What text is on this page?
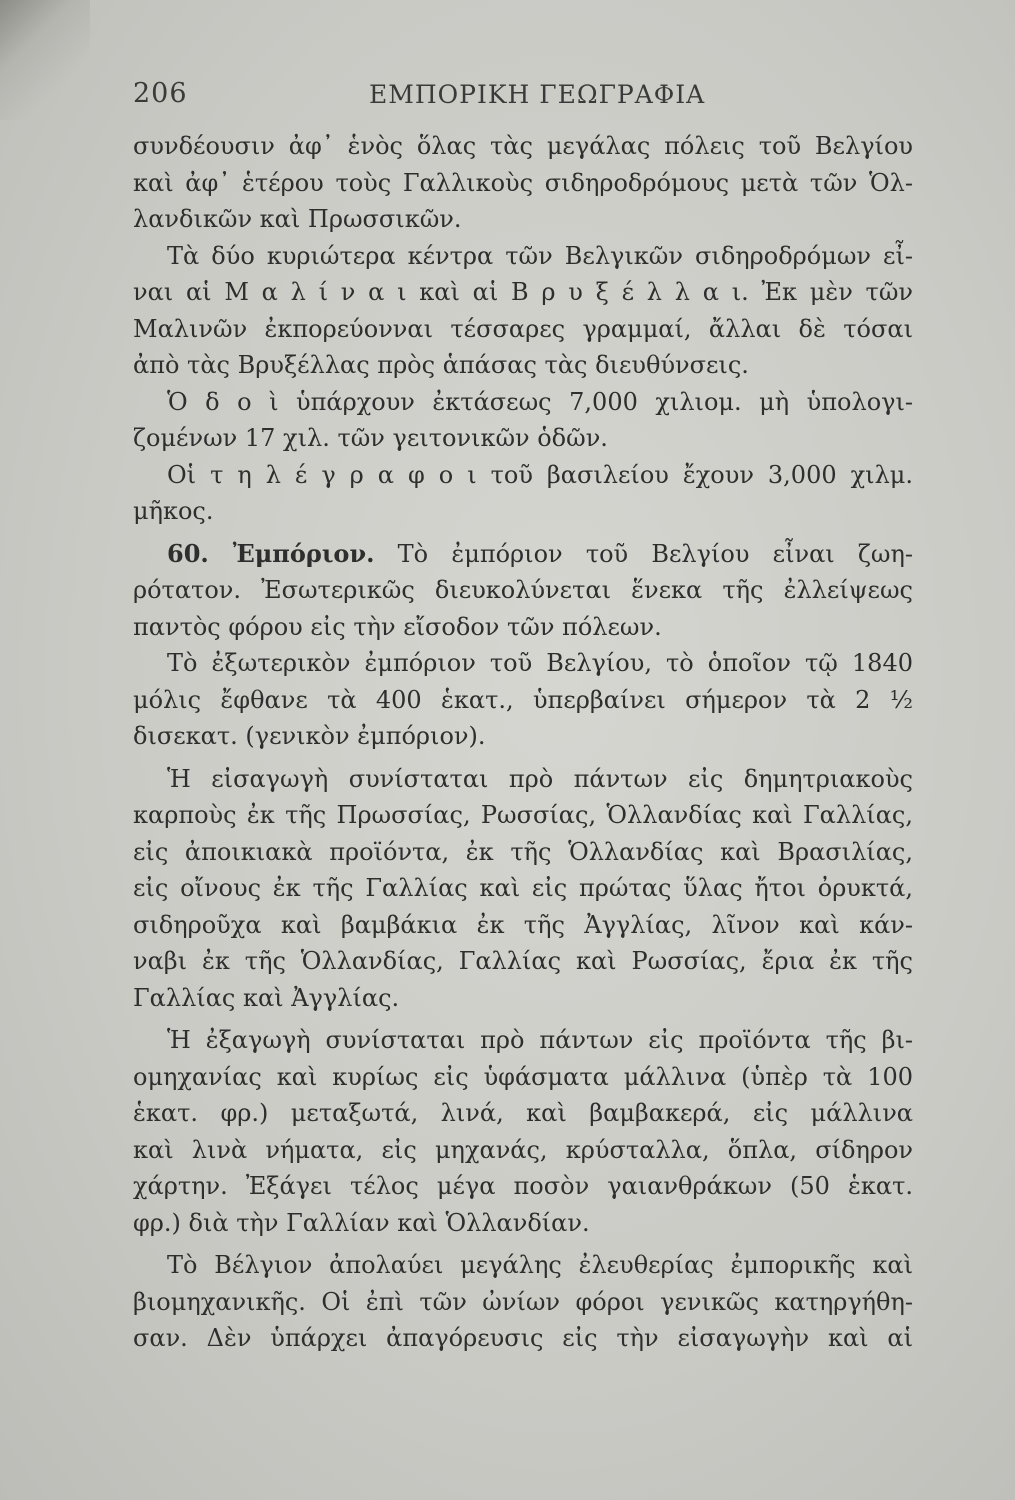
206	ΕΜΠΟΡΙΚΗ ΓΕΩΓΡΑΦΙΑ

συνδέουσιν ἀφ᾽ ἑνὸς ὅλας τὰς μεγάλας πόλεις τοῦ Βελγίου

καὶ ἀφ᾽ ἑτέρου τοὺς Γαλλικοὺς σιδηροδρόμους μετὰ τῶν Ὁλ-

λανδικῶν καὶ Πρωσσικῶν.

Τὰ δύο κυριώτερα κέντρα τῶν Βελγικῶν σιδηροδρόμων εἶ-

ναι αἱ Μ α λ ί ν α ι καὶ αἱ Β ρ υ ξ έ λ λ α ι. Ἐκ μὲν τῶν

Μαλινῶν ἐκπορεύονναι τέσσαρες γραμμαί, ἄλλαι δὲ τόσαι

ἀπὸ τὰς Βρυξέλλας πρὸς ἁπάσας τὰς διευθύνσεις.

Ὁ δ ο ὶ ὑπάρχουν ἐκτάσεως 7,000 χιλιομ. μὴ ὑπολογι-

ζομένων 17 χιλ. τῶν γειτονικῶν ὁδῶν.

Οἱ τ η λ έ γ ρ α φ ο ι τοῦ βασιλείου ἔχουν 3,000 χιλμ.

μῆκος.

60. Ἐμπόριον. Τὸ ἐμπόριον τοῦ Βελγίου εἶναι ζωη-

ρότατον. Ἐσωτερικῶς διευκολύνεται ἕνεκα τῆς ἐλλείψεως

παντὸς φόρου εἰς τὴν εἴσοδον τῶν πόλεων.

Τὸ ἐξωτερικὸν ἐμπόριον τοῦ Βελγίου, τὸ ὁποῖον τῷ 1840

μόλις ἔφθανε τὰ 400 ἑκατ., ὑπερβαίνει σήμερον τὰ 2 ½

δισεκατ. (γενικὸν ἐμπόριον).

Ἡ εἰσαγωγὴ συνίσταται πρὸ πάντων εἰς δημητριακοὺς

καρποὺς ἐκ τῆς Πρωσσίας, Ρωσσίας, Ὁλλανδίας καὶ Γαλλίας,

εἰς ἀποικιακὰ προϊόντα, ἐκ τῆς Ὁλλανδίας καὶ Βρασιλίας,

εἰς οἴνους ἐκ τῆς Γαλλίας καὶ εἰς πρώτας ὕλας ἤτοι ὀρυκτά,

σιδηροῦχα καὶ βαμβάκια ἐκ τῆς Ἀγγλίας, λῖνον καὶ κάν-

ναβι ἐκ τῆς Ὁλλανδίας, Γαλλίας καὶ Ρωσσίας, ἔρια ἐκ τῆς

Γαλλίας καὶ Ἀγγλίας.

Ἡ ἐξαγωγὴ συνίσταται πρὸ πάντων εἰς προϊόντα τῆς βι-

ομηχανίας καὶ κυρίως εἰς ὑφάσματα μάλλινα (ὑπὲρ τὰ 100

ἑκατ. φρ.) μεταξωτά, λινά, καὶ βαμβακερά, εἰς μάλλινα

καὶ λινὰ νήματα, εἰς μηχανάς, κρύσταλλα, ὅπλα, σίδηρον

χάρτην. Ἐξάγει τέλος μέγα ποσὸν γαιανθράκων (50 ἑκατ.

φρ.) διὰ τὴν Γαλλίαν καὶ Ὁλλανδίαν.

Τὸ Βέλγιον ἀπολαύει μεγάλης ἐλευθερίας ἐμπορικῆς καὶ

βιομηχανικῆς. Οἱ ἐπὶ τῶν ὠνίων φόροι γενικῶς κατηργήθη-

σαν. Δὲν ὑπάρχει ἀπαγόρευσις εἰς τὴν εἰσαγωγὴν καὶ αἱ
